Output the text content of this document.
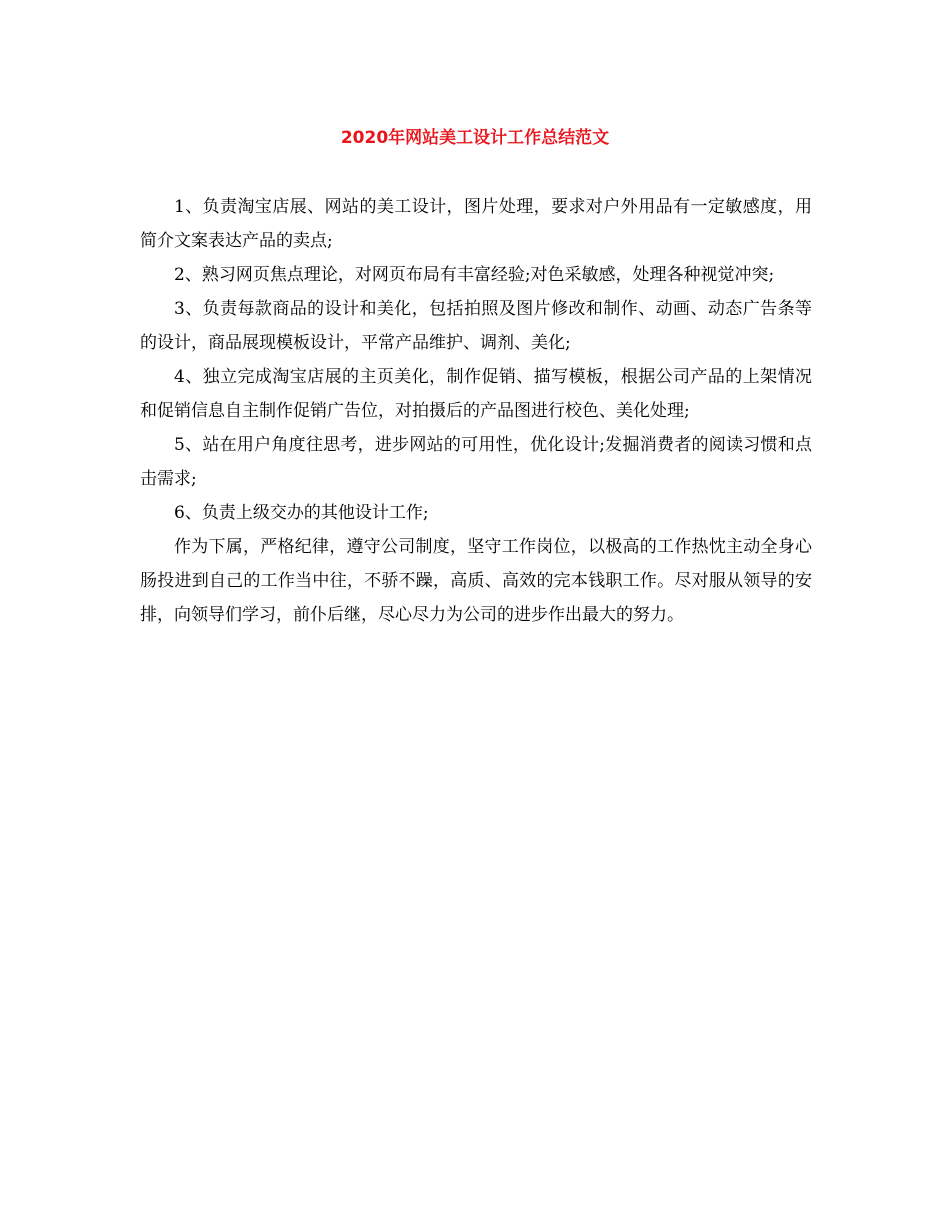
2020年网站美工设计工作总结范文

1、负责淘宝店展、网站的美工设计，图片处理，要求对户外用品有一定敏感度，用简介文案表达产品的卖点;

2、熟习网页焦点理论，对网页布局有丰富经验;对色采敏感，处理各种视觉冲突;

3、负责每款商品的设计和美化，包括拍照及图片修改和制作、动画、动态广告条等的设计，商品展现模板设计，平常产品维护、调剂、美化;

4、独立完成淘宝店展的主页美化，制作促销、描写模板，根据公司产品的上架情况和促销信息自主制作促销广告位，对拍摄后的产品图进行校色、美化处理;

5、站在用户角度往思考，进步网站的可用性，优化设计;发掘消费者的阅读习惯和点击需求;

6、负责上级交办的其他设计工作;

作为下属，严格纪律，遵守公司制度，坚守工作岗位，以极高的工作热忱主动全身心肠投进到自己的工作当中往，不骄不躁，高质、高效的完本钱职工作。尽对服从领导的安排，向领导们学习，前仆后继，尽心尽力为公司的进步作出最大的努力。
